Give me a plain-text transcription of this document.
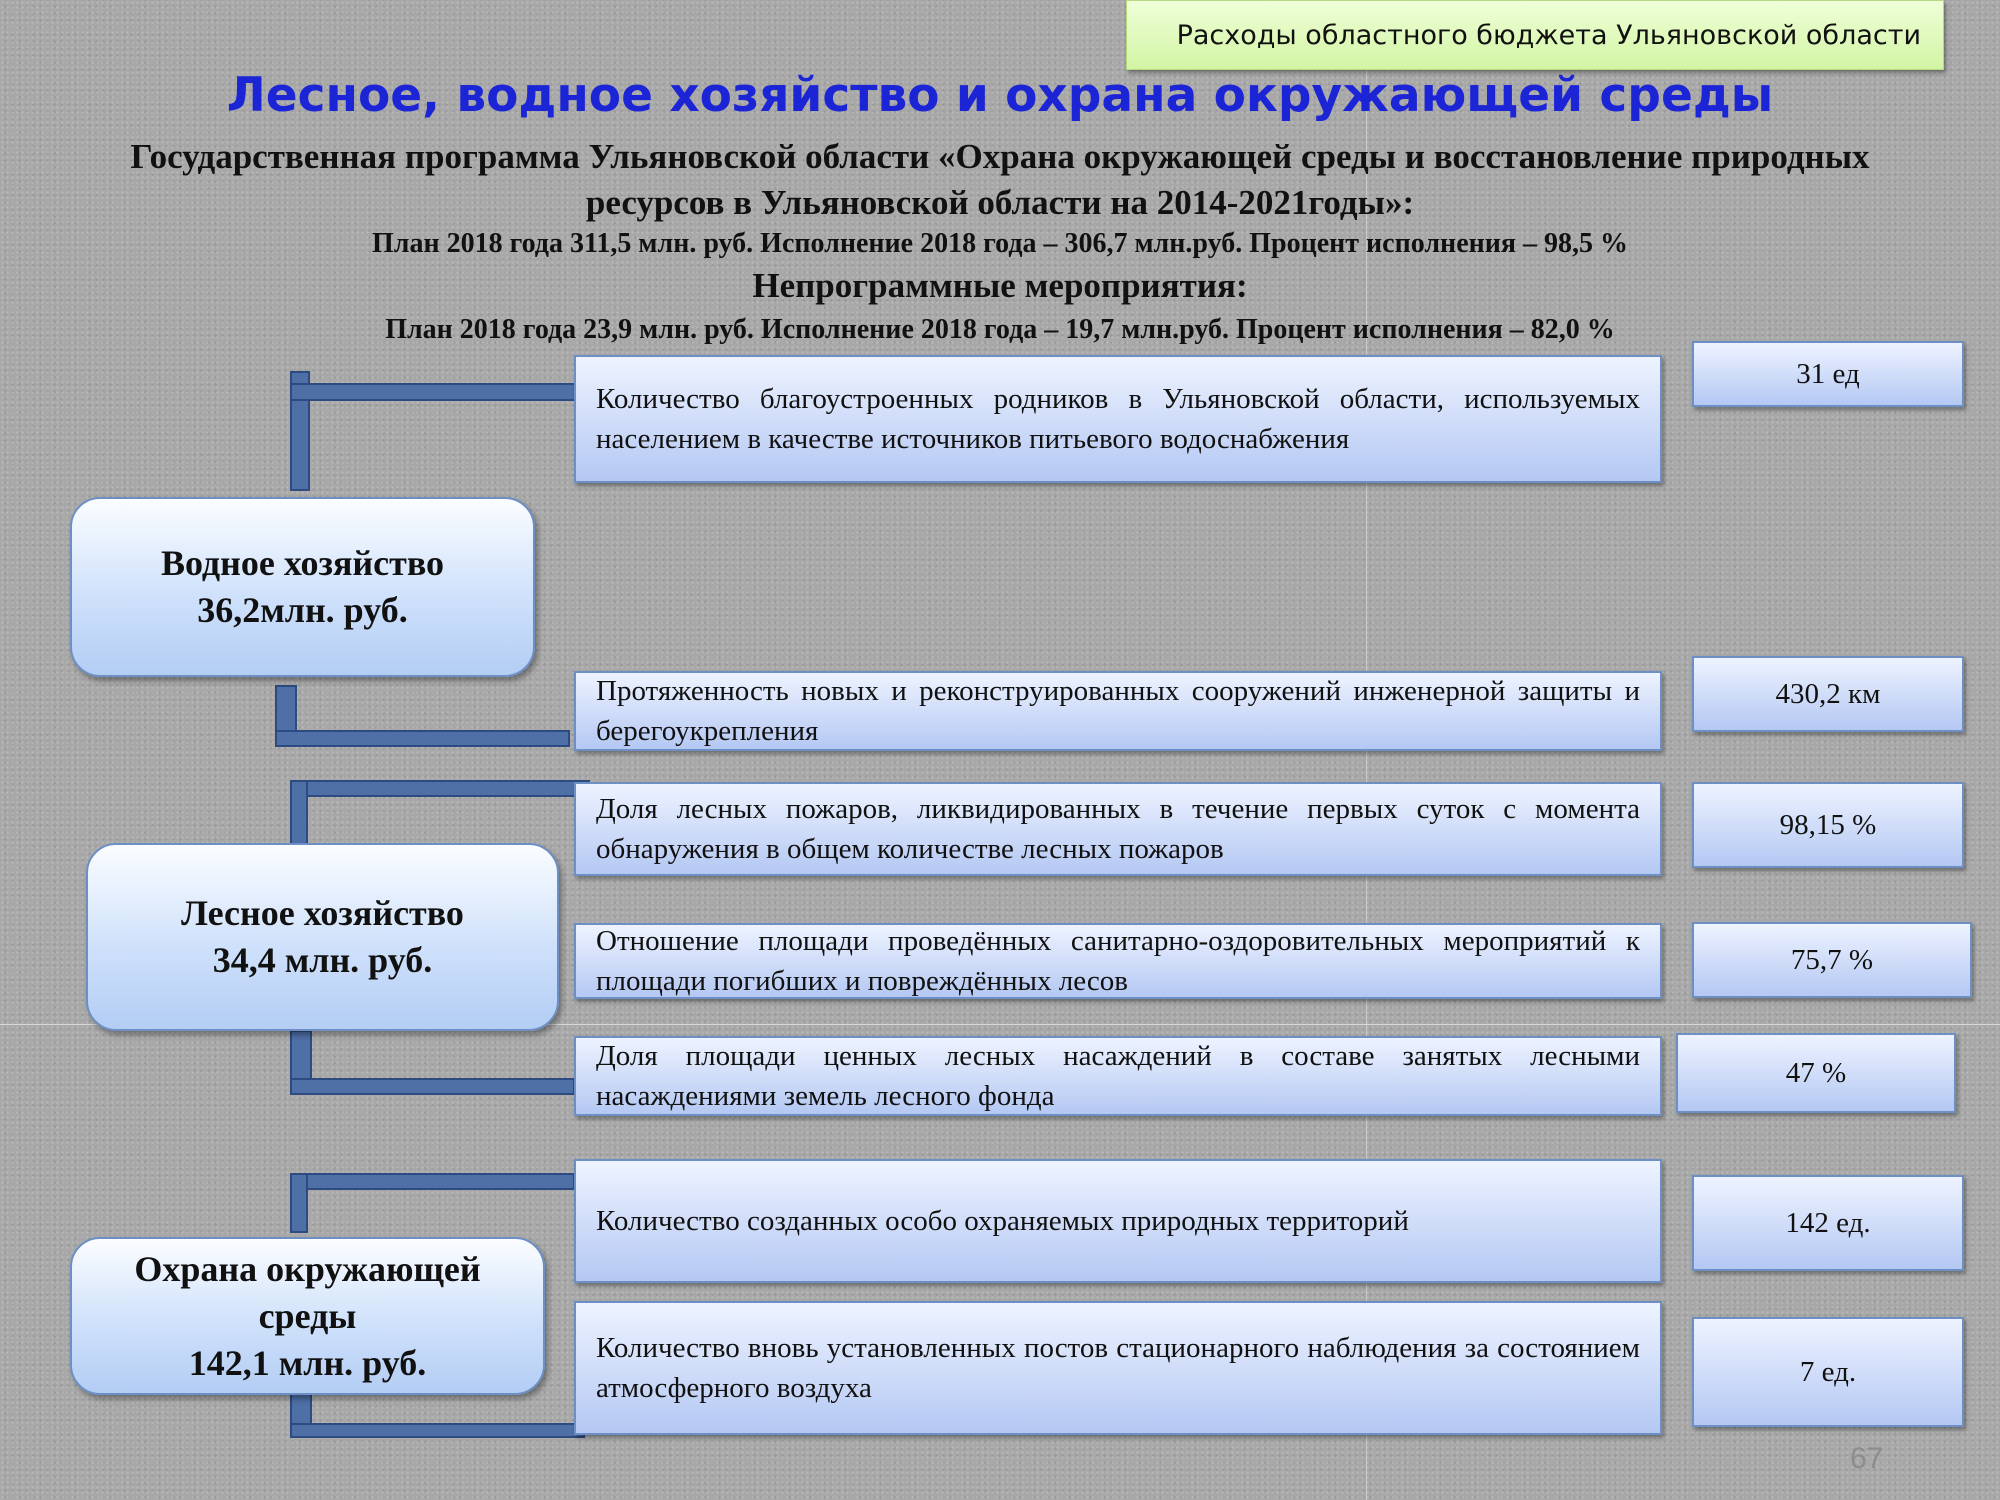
Расходы областного бюджета Ульяновской области
Лесное, водное хозяйство и охрана окружающей среды
Государственная программа Ульяновской области «Охрана окружающей среды и восстановление природных ресурсов в Ульяновской области на 2014-2021годы»:
План 2018 года 311,5 млн. руб. Исполнение 2018 года – 306,7 млн.руб. Процент исполнения – 98,5 %
Непрограммные мероприятия:
План 2018 года 23,9 млн. руб. Исполнение 2018 года – 19,7 млн.руб. Процент исполнения – 82,0 %
Водное хозяйство
36,2млн. руб.
Лесное хозяйство
34,4 млн. руб.
Охрана окружающей среды
142,1 млн. руб.
Количество благоустроенных родников в Ульяновской области, используемых населением в качестве источников питьевого водоснабжения
Протяженность новых и реконструированных сооружений инженерной защиты и берегоукрепления
Доля лесных пожаров, ликвидированных в течение первых суток с момента обнаружения в общем количестве лесных пожаров
Отношение площади проведённых санитарно-оздоровительных мероприятий к площади погибших и повреждённых лесов
Доля площади ценных лесных насаждений в составе занятых лесными насаждениями земель лесного фонда
Количество созданных особо охраняемых природных территорий
Количество вновь установленных постов стационарного наблюдения за состоянием атмосферного воздуха
31 ед
430,2 км
98,15 %
75,7 %
47 %
142 ед.
7 ед.
67
